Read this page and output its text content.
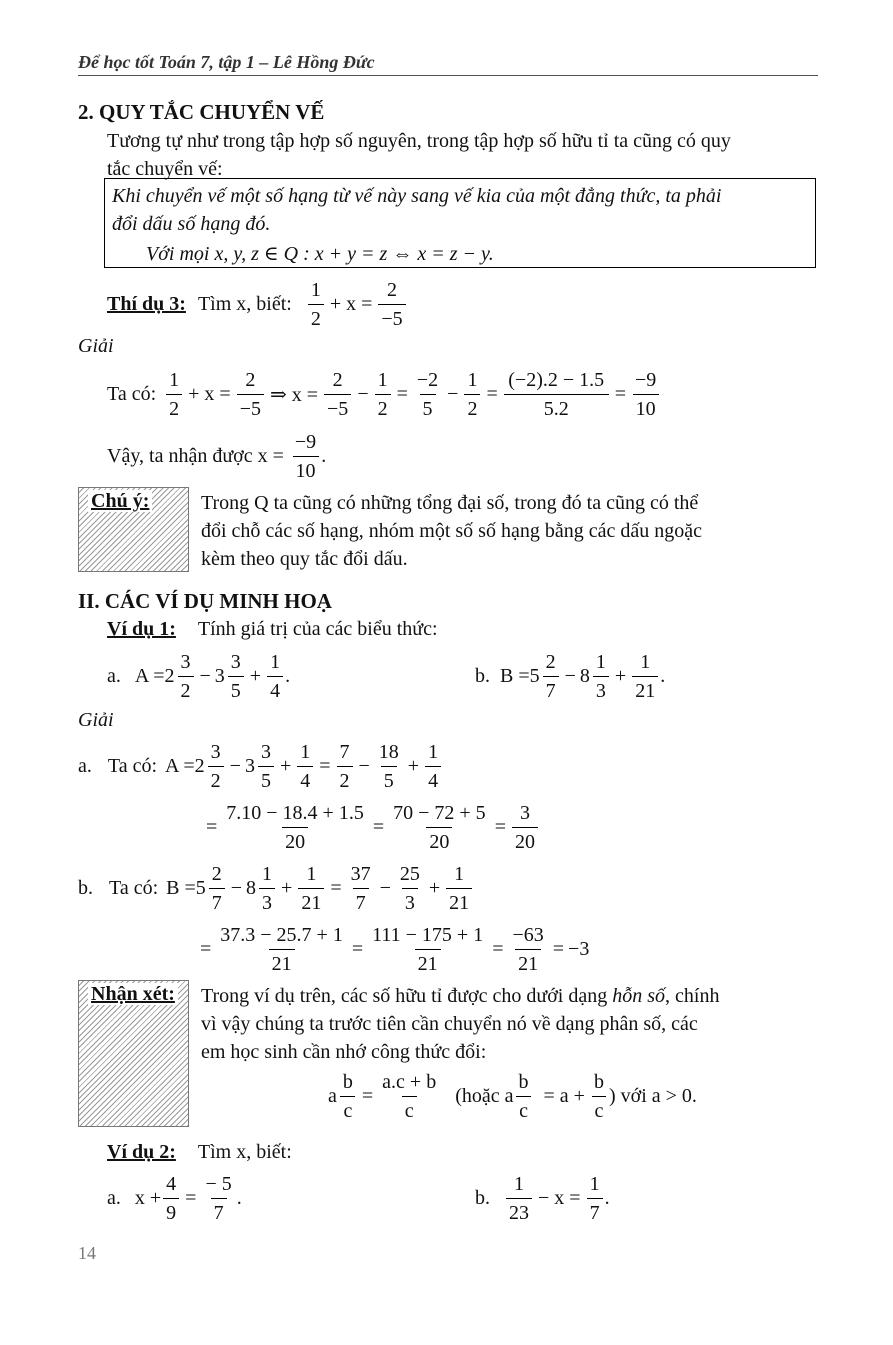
Để học tốt Toán 7, tập 1 – Lê Hồng Đức
2. QUY TẮC CHUYỂN VẾ
Tương tự như trong tập hợp số nguyên, trong tập hợp số hữu tỉ ta cũng có quy
tắc chuyển vế:
Khi chuyển vế một số hạng từ vế này sang vế kia của một đẳng thức, ta phải
đổi dấu số hạng đó.
Với mọi x, y, z ∈ Q : x + y = z ⇔ x = z − y.
Thí dụ 3: Tìm x, biết: $\frac{1}{2} + x = \frac{2}{-5}$
Giải
Ta có: $\frac{1}{2} + x = \frac{2}{-5}$ ⇒ $x = \frac{2}{-5} - \frac{1}{2} = \frac{-2}{5} - \frac{1}{2} = \frac{(-2).2 - 1.5}{5.2} = \frac{-9}{10}$
Vậy, ta nhận được $x = \frac{-9}{10}$ .
Chú ý:	Trong Q ta cũng có những tổng đại số, trong đó ta cũng có thể
đổi chỗ các số hạng, nhóm một số số hạng bằng các dấu ngoặc
kèm theo quy tắc đổi dấu.
II. CÁC VÍ DỤ MINH HOẠ
Ví dụ 1: Tính giá trị của các biểu thức:
a. $A = 2 \frac{3}{2} - 3 \frac{3}{5} + \frac{1}{4}$ .	b. $B = 5 \frac{2}{7} - 8 \frac{1}{3} + \frac{1}{21}$ .
Giải
a. Ta có: $A = 2 \frac{3}{2} - 3 \frac{3}{5} + \frac{1}{4} = \frac{7}{2} - \frac{18}{5} + \frac{1}{4}$
= $\frac{7.10 - 18.4 + 1.5}{20} = \frac{70 - 72 + 5}{20} = \frac{3}{20}$
b. Ta có: $B = 5 \frac{2}{7} - 8 \frac{1}{3} + \frac{1}{21} = \frac{37}{7} - \frac{25}{3} + \frac{1}{21}$
= $\frac{37.3 - 25.7 + 1}{21} = \frac{111 - 175 + 1}{21} = \frac{-63}{21} = -3$
Nhận xét: Trong ví dụ trên, các số hữu tỉ được cho dưới dạng hỗn số, chính
vì vậy chúng ta trước tiên cần chuyển nó về dạng phân số, các
em học sinh cần nhớ công thức đổi:
a $\frac{b}{c} = \frac{a.c + b}{c}$ (hoặc a $\frac{b}{c} = a + \frac{b}{c}$ ) với a > 0.
Ví dụ 2: Tìm x, biết:
a. $x + \frac{4}{9} = \frac{- 5}{7}$ .	b. $\frac{1}{23} - x = \frac{1}{7}$ .
14
